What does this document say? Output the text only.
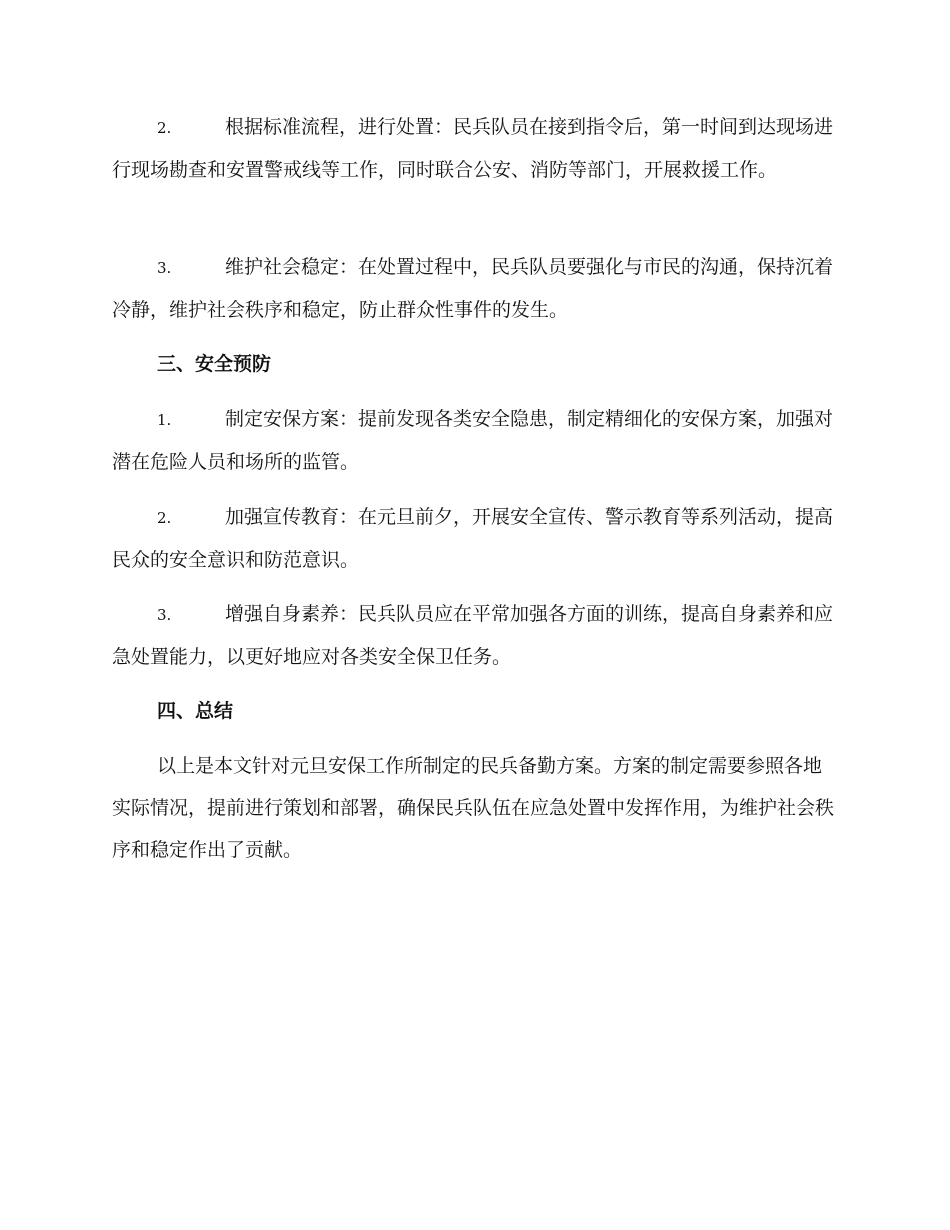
2.	根据标准流程，进行处置：民兵队员在接到指令后，第一时间到达现场进行现场勘查和安置警戒线等工作，同时联合公安、消防等部门，开展救援工作。
3.	维护社会稳定：在处置过程中，民兵队员要强化与市民的沟通，保持沉着冷静，维护社会秩序和稳定，防止群众性事件的发生。
三、安全预防
1.	制定安保方案：提前发现各类安全隐患，制定精细化的安保方案，加强对潜在危险人员和场所的监管。
2.	加强宣传教育：在元旦前夕，开展安全宣传、警示教育等系列活动，提高民众的安全意识和防范意识。
3.	增强自身素养：民兵队员应在平常加强各方面的训练，提高自身素养和应急处置能力，以更好地应对各类安全保卫任务。
四、总结
以上是本文针对元旦安保工作所制定的民兵备勤方案。方案的制定需要参照各地实际情况，提前进行策划和部署，确保民兵队伍在应急处置中发挥作用，为维护社会秩序和稳定作出了贡献。
